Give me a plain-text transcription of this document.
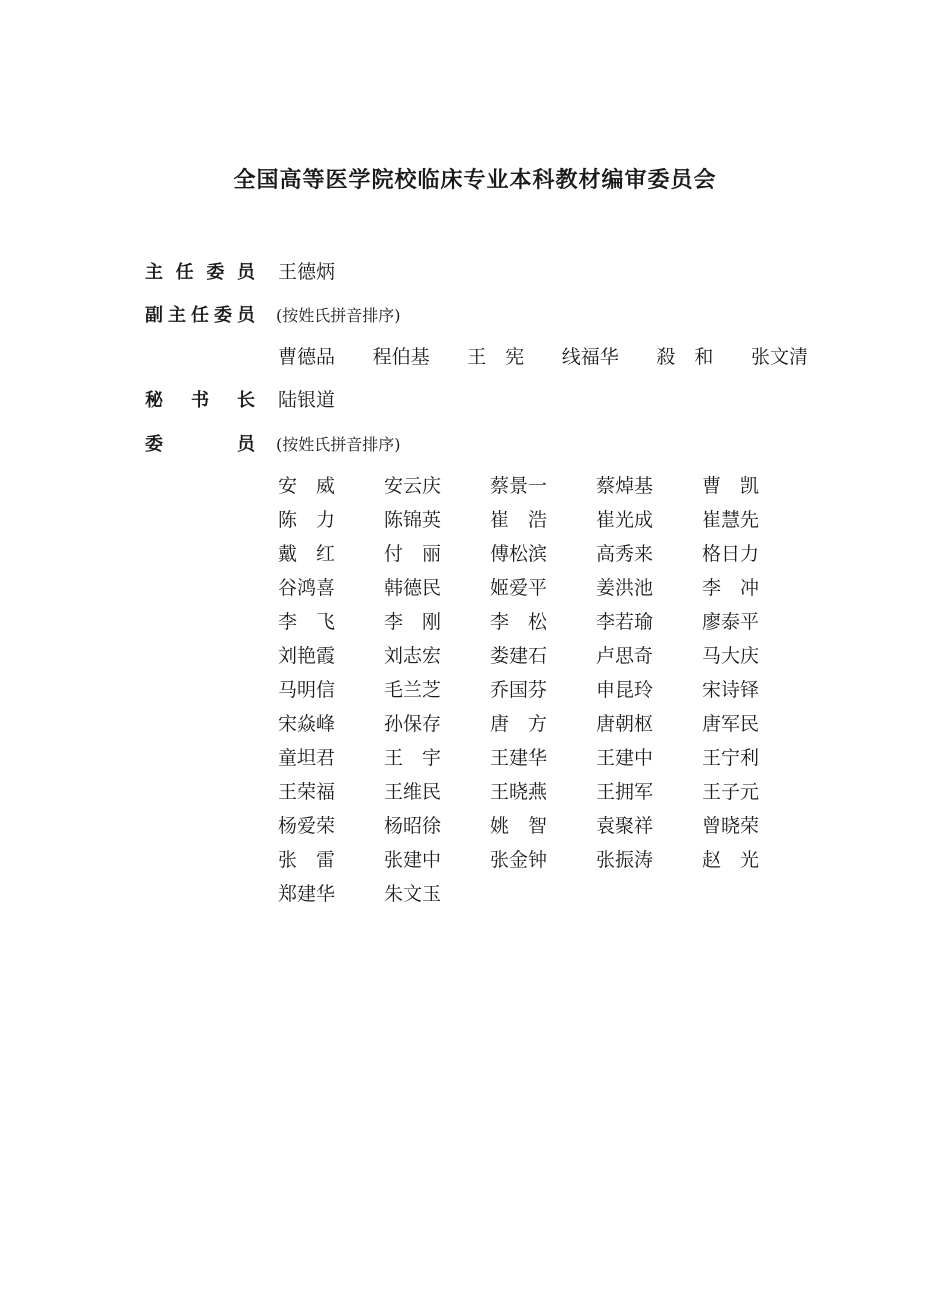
全国高等医学院校临床专业本科教材编审委员会
主 任 委 员 王德炳
副 主 任 委 员 (按姓氏拼音排序)
曹德品 程伯基 王　宪 线福华 殺　和 张文清
秘 书 长 陆银道
委	员 (按姓氏拼音排序)
安　威	安云庆	蔡景一	蔡焯基	曹　凯
陈　力	陈锦英	崔　浩	崔光成	崔慧先
戴　红	付　丽	傅松滨	高秀来	格日力
谷鸿喜	韩德民	姬爱平	姜洪池	李　冲
李　飞	李　刚	李　松	李若瑜	廖泰平
刘艳霞	刘志宏	娄建石	卢思奇	马大庆
马明信	毛兰芝	乔国芬	申昆玲	宋诗铎
宋焱峰	孙保存	唐　方	唐朝枢	唐军民
童坦君	王　宇	王建华	王建中	王宁利
王荣福	王维民	王晓燕	王拥军	王子元
杨爱荣	杨昭徐	姚　智	袁聚祥	曾晓荣
张　雷	张建中	张金钟	张振涛	赵　光
郑建华	朱文玉
